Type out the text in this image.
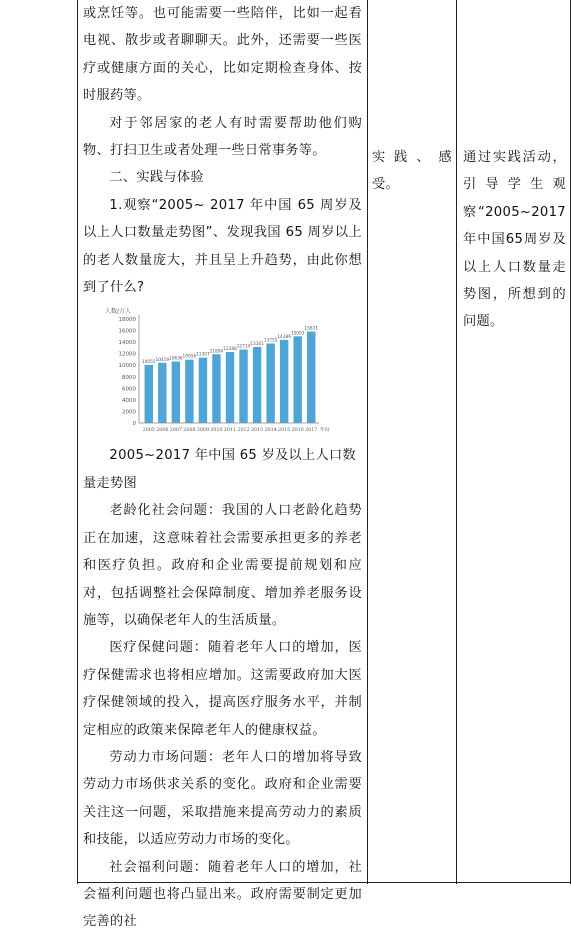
或烹饪等。也可能需要一些陪伴，比如一起看电视、散步或者聊聊天。此外，还需要一些医疗或健康方面的关心，比如定期检查身体、按时服药等。

对于邻居家的老人有时需要帮助他们购物、打扫卫生或者处理一些日常事务等。

二、实践与体验

1.观察“2005~ 2017 年中国 65 周岁及以上人口数量走势图”、发现我国 65 周岁以上的老人数量庞大，并且呈上升趋势，由此你想到了什么?

人数/万人
0
2000
4000
6000
8000
10000
12000
14000
16000
18000
10055
2005
10419
2006
10636
2007
10956
2008
11307
2009
11894
2010
12288
2011
12714
2012
13161
2013
13755
2014
14386
2015
15003
2016
15831
2017 年份

2005~2017 年中国 65 岁及以上人口数量走势图

老龄化社会问题：我国的人口老龄化趋势正在加速，这意味着社会需要承担更多的养老和医疗负担。政府和企业需要提前规划和应对，包括调整社会保障制度、增加养老服务设施等，以确保老年人的生活质量。

医疗保健问题：随着老年人口的增加，医疗保健需求也将相应增加。这需要政府加大医疗保健领域的投入，提高医疗服务水平，并制定相应的政策来保障老年人的健康权益。

劳动力市场问题：老年人口的增加将导致劳动力市场供求关系的变化。政府和企业需要关注这一问题，采取措施来提高劳动力的素质和技能，以适应劳动力市场的变化。

社会福利问题：随着老年人口的增加，社会福利问题也将凸显出来。政府需要制定更加完善的社

实践、感受。

通过实践活动，引导学生观察“2005~2017年中国65周岁及以上人口数量走势图，所想到的问题。
